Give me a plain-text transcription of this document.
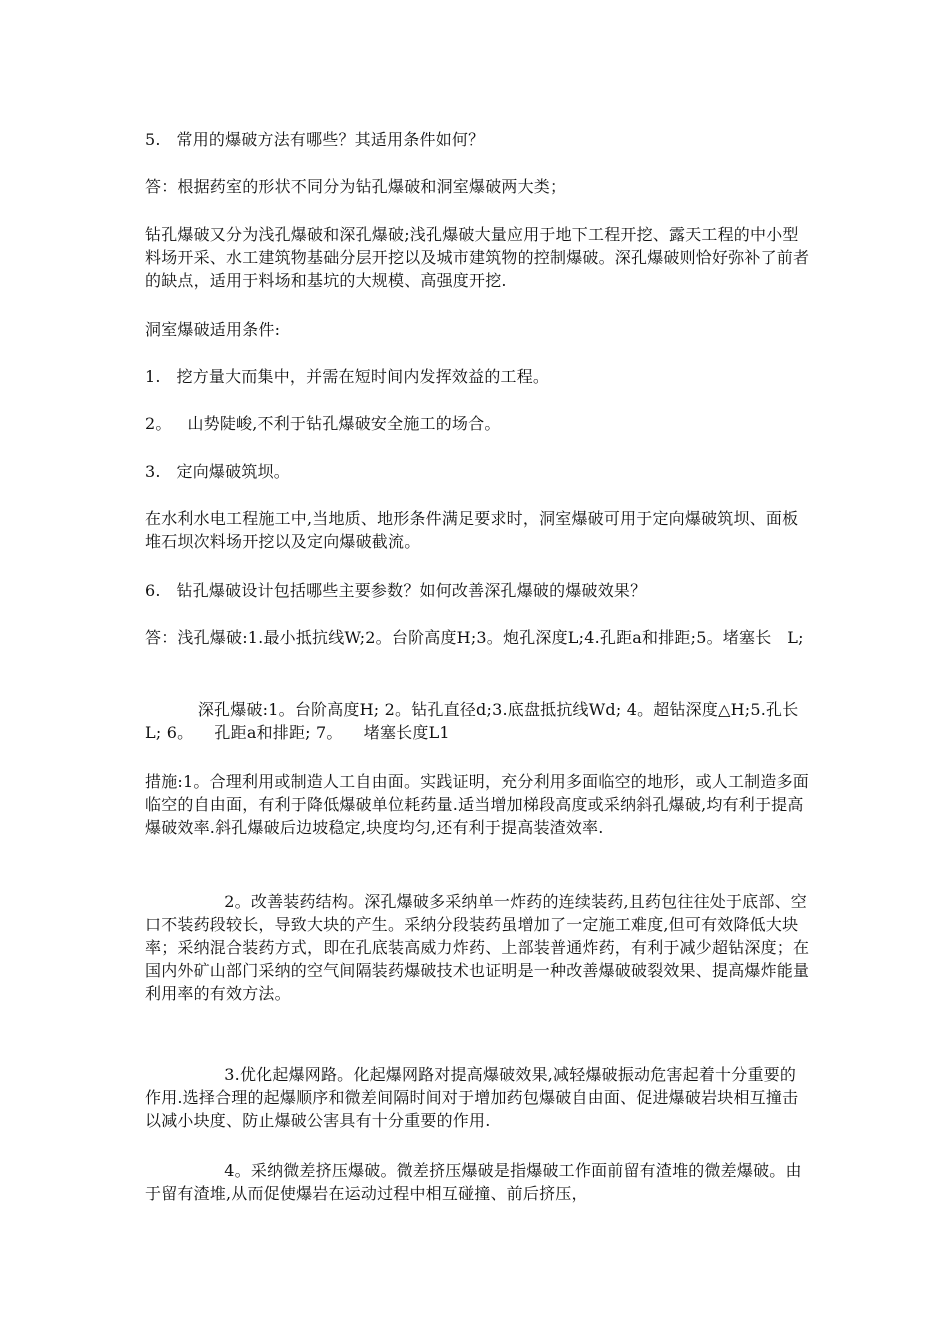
5.   常用的爆破方法有哪些？其适用条件如何？

答：根据药室的形状不同分为钻孔爆破和洞室爆破两大类；

钻孔爆破又分为浅孔爆破和深孔爆破;浅孔爆破大量应用于地下工程开挖、露天工程的中小型料场开采、水工建筑物基础分层开挖以及城市建筑物的控制爆破。深孔爆破则恰好弥补了前者的缺点，适用于料场和基坑的大规模、高强度开挖.

洞室爆破适用条件:

1.   挖方量大而集中，并需在短时间内发挥效益的工程。

2。   山势陡峻,不利于钻孔爆破安全施工的场合。

3.   定向爆破筑坝。

在水利水电工程施工中,当地质、地形条件满足要求时，洞室爆破可用于定向爆破筑坝、面板堆石坝次料场开挖以及定向爆破截流。

6.   钻孔爆破设计包括哪些主要参数？如何改善深孔爆破的爆破效果？

答：浅孔爆破:1.最小抵抗线W;2。台阶高度H;3。炮孔深度L;4.孔距a和排距;5。堵塞长   L;

深孔爆破:1。台阶高度H; 2。钻孔直径d;3.底盘抵抗线Wd; 4。超钻深度△H;5.孔长L; 6。    孔距a和排距; 7。    堵塞长度L1

措施:1。合理利用或制造人工自由面。实践证明，充分利用多面临空的地形，或人工制造多面临空的自由面，有利于降低爆破单位耗药量.适当增加梯段高度或采纳斜孔爆破,均有利于提高爆破效率.斜孔爆破后边坡稳定,块度均匀,还有利于提高装渣效率.

2。改善装药结构。深孔爆破多采纳单一炸药的连续装药,且药包往往处于底部、空口不装药段较长，导致大块的产生。采纳分段装药虽增加了一定施工难度,但可有效降低大块率；采纳混合装药方式，即在孔底装高威力炸药、上部装普通炸药，有利于减少超钻深度；在国内外矿山部门采纳的空气间隔装药爆破技术也证明是一种改善爆破破裂效果、提高爆炸能量利用率的有效方法。

3.优化起爆网路。化起爆网路对提高爆破效果,减轻爆破振动危害起着十分重要的作用.选择合理的起爆顺序和微差间隔时间对于增加药包爆破自由面、促进爆破岩块相互撞击以减小块度、防止爆破公害具有十分重要的作用.

4。采纳微差挤压爆破。微差挤压爆破是指爆破工作面前留有渣堆的微差爆破。由于留有渣堆,从而促使爆岩在运动过程中相互碰撞、前后挤压，
